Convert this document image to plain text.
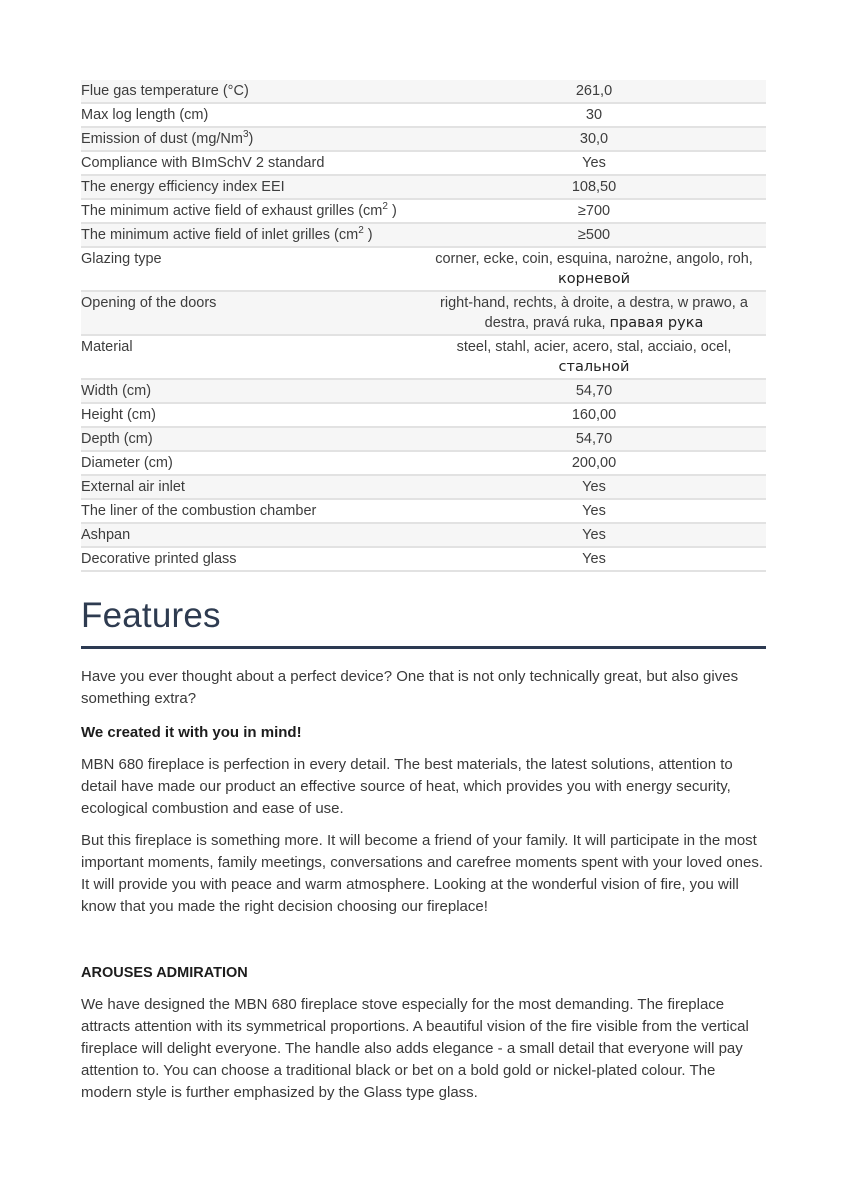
Flue gas temperature (°C)	261,0
Max log length (cm)	30
Emission of dust (mg/Nm$^3$)	30,0
Compliance with BImSchV 2 standard	Yes
The energy efficiency index EEI	108,50
The minimum active field of exhaust grilles ($cm^2$ )	≥700
The minimum active field of inlet grilles ($cm^2$ )	≥500
Glazing type	corner, ecke, coin, esquina, narożne, angolo, roh,
корневой
Opening of the doors	right-hand, rechts, à droite, a destra, w prawo, a destra, pravá ruka, правая рука
Material	steel, stahl, acier, acero, stal, acciaio, ocel,
стальной
Width (cm)	54,70
Height (cm)	160,00
Depth (cm)	54,70
Diameter (cm)	200,00
External air inlet	Yes
The liner of the combustion chamber	Yes
Ashpan	Yes
Decorative printed glass	Yes
Features

Have you ever thought about a perfect device? One that is not only technically great, but also gives something extra?

We created it with you in mind!

MBN 680 fireplace is perfection in every detail. The best materials, the latest solutions, attention to detail have made our product an effective source of heat, which provides you with energy security, ecological combustion and ease of use.

But this fireplace is something more. It will become a friend of your family. It will participate in the most important moments, family meetings, conversations and carefree moments spent with your loved ones. It will provide you with peace and warm atmosphere. Looking at the wonderful vision of fire, you will know that you made the right decision choosing our fireplace!

AROUSES ADMIRATION

We have designed the MBN 680 fireplace stove especially for the most demanding. The fireplace attracts attention with its symmetrical proportions. A beautiful vision of the fire visible from the vertical fireplace will delight everyone. The handle also adds elegance - a small detail that everyone will pay attention to. You can choose a traditional black or bet on a bold gold or nickel-plated colour. The modern style is further emphasized by the Glass type glass.
